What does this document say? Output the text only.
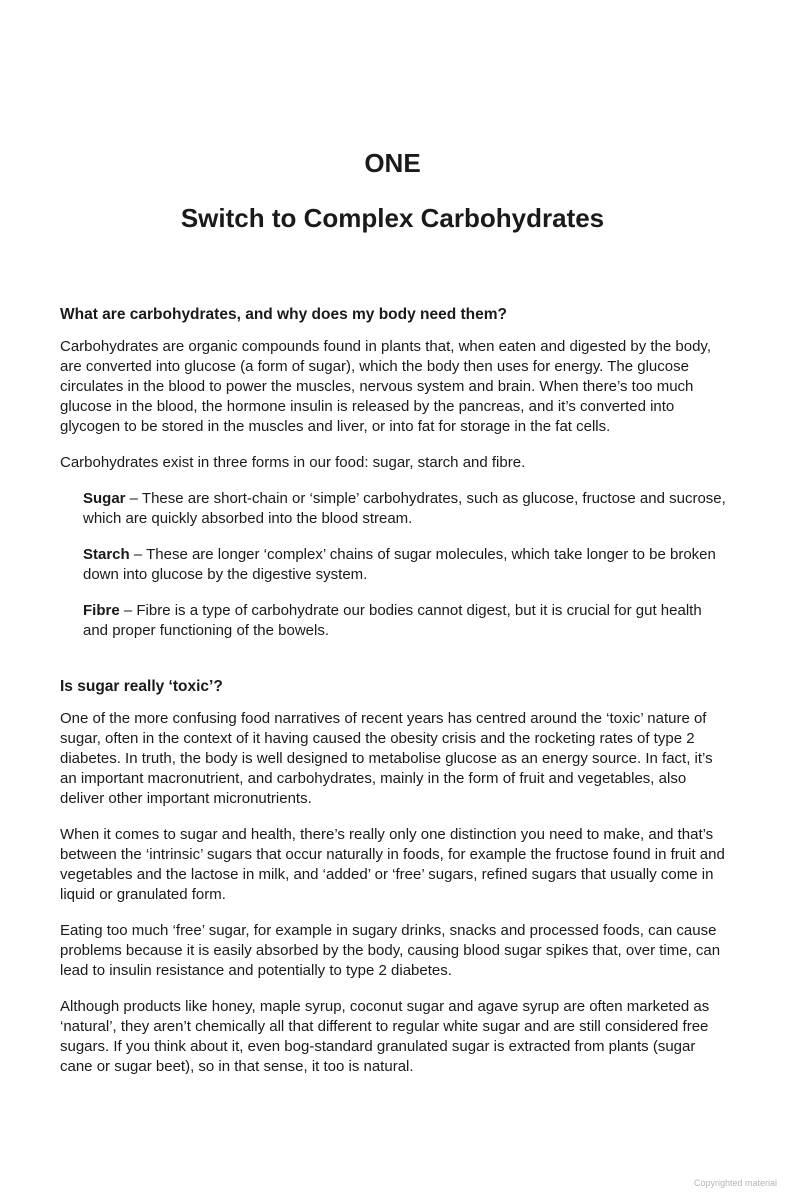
ONE
Switch to Complex Carbohydrates
What are carbohydrates, and why does my body need them?

Carbohydrates are organic compounds found in plants that, when eaten and digested by the body, are converted into glucose (a form of sugar), which the body then uses for energy. The glucose circulates in the blood to power the muscles, nervous system and brain. When there’s too much glucose in the blood, the hormone insulin is released by the pancreas, and it’s converted into glycogen to be stored in the muscles and liver, or into fat for storage in the fat cells.

Carbohydrates exist in three forms in our food: sugar, starch and fibre.

Sugar – These are short-chain or ‘simple’ carbohydrates, such as glucose, fructose and sucrose, which are quickly absorbed into the blood stream.

Starch – These are longer ‘complex’ chains of sugar molecules, which take longer to be broken down into glucose by the digestive system.

Fibre – Fibre is a type of carbohydrate our bodies cannot digest, but it is crucial for gut health and proper functioning of the bowels.

Is sugar really ‘toxic’?

One of the more confusing food narratives of recent years has centred around the ‘toxic’ nature of sugar, often in the context of it having caused the obesity crisis and the rocketing rates of type 2 diabetes. In truth, the body is well designed to metabolise glucose as an energy source. In fact, it’s an important macronutrient, and carbohydrates, mainly in the form of fruit and vegetables, also deliver other important micronutrients.

When it comes to sugar and health, there’s really only one distinction you need to make, and that’s between the ‘intrinsic’ sugars that occur naturally in foods, for example the fructose found in fruit and vegetables and the lactose in milk, and ‘added’ or ‘free’ sugars, refined sugars that usually come in liquid or granulated form.

Eating too much ‘free’ sugar, for example in sugary drinks, snacks and processed foods, can cause problems because it is easily absorbed by the body, causing blood sugar spikes that, over time, can lead to insulin resistance and potentially to type 2 diabetes.

Although products like honey, maple syrup, coconut sugar and agave syrup are often marketed as ‘natural’, they aren’t chemically all that different to regular white sugar and are still considered free sugars. If you think about it, even bog-standard granulated sugar is extracted from plants (sugar cane or sugar beet), so in that sense, it too is natural.

Copyrighted material
